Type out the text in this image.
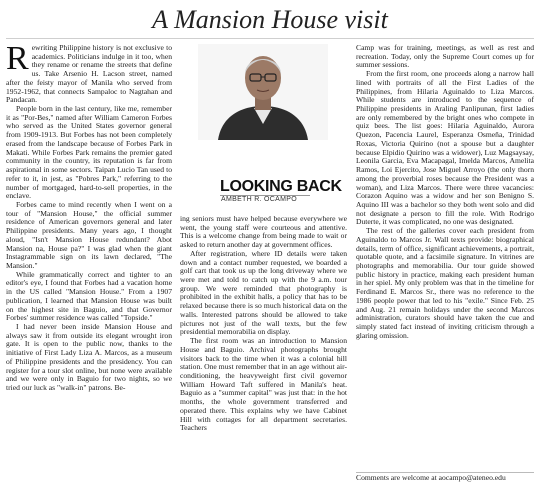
A Mansion House visit

Rewriting Philippine history is not exclusive to academics. Politicians indulge in it too, when they rename or rename the streets that define us. Take Arsenio H. Lacson street, named after the feisty mayor of Manila who served from 1952-1962, that connects Sampaloc to Nagtahan and Pandacan.

People born in the last century, like me, remember it as "Por-Bes," named after William Cameron Forbes who served as the United States governor general from 1909-1913. But Forbes has not been completely erased from the landscape because of Forbes Park in Makati. While Forbes Park remains the premier gated community in the country, its reputation is far from aspirational in some sectors. Taipan Lucio Tan used to refer to it, in jest, as "Pobres Park," referring to the number of mortgaged, hard-to-sell properties, in the enclave.

Forbes came to mind recently when I went on a tour of "Mansion House," the official summer residence of American governors general and later Philippine presidents. Many years ago, I thought aloud, "Isn't Mansion House redundant? Abot Mansion na, House pa?" I was glad when the giant Instagrammable sign on its lawn declared, "The Mansion."

While grammatically correct and tighter to an editor's eye, I found that Forbes had a vacation home in the US called "Mansion House." From a 1907 publication, I learned that Mansion House was built on the highest site in Baguio, and that Governor Forbes' summer residence was called "Topside."

I had never been inside Mansion House and always saw it from outside its elegant wrought iron gate. It is open to the public now, thanks to the initiative of First Lady Liza A. Marcos, as a museum of Philippine presidents and the presidency. You can register for a tour slot online, but none were available and we were only in Baguio for two nights, so we tried our luck as "walk-in" patrons. Be-

LOOKING BACK
AMBETH R. OCAMPO

ing seniors must have helped because everywhere we went, the young staff were courteous and attentive. This is a welcome change from being made to wait or asked to return another day at government offices.

After registration, where ID details were taken down and a contact number requested, we boarded a golf cart that took us up the long driveway where we were met and told to catch up with the 9 a.m. tour group. We were reminded that photography is prohibited in the exhibit halls, a policy that has to be relaxed because there is so much historical data on the walls. Interested patrons should be allowed to take pictures not just of the wall texts, but the few presidential memorabilia on display.

The first room was an introduction to Mansion House and Baguio. Archival photographs brought visitors back to the time when it was a colonial hill station. One must remember that in an age without air-conditioning, the heavyweight first civil governor William Howard Taft suffered in Manila's heat. Baguio as a "summer capital" was just that: in the hot months, the whole government transferred and operated there. This explains why we have Cabinet Hill with cottages for all department secretaries. Teachers

Camp was for training, meetings, as well as rest and recreation. Today, only the Supreme Court comes up for summer sessions.

From the first room, one proceeds along a narrow hall lined with portraits of all the First Ladies of the Philippines, from Hilaria Aguinaldo to Liza Marcos. While students are introduced to the sequence of Philippine presidents in Araling Panlipunan, first ladies are only remembered by the bright ones who compete in quiz bees. The list goes: Hilaria Aguinaldo, Aurora Quezon, Pacencia Laurel, Esperanza Osmeña, Trinidad Roxas, Victoria Quirino (not a spouse but a daughter because Elpidio Quirino was a widower), Luz Magsaysay, Leonila Garcia, Eva Macapagal, Imelda Marcos, Amelita Ramos, Loi Ejercito, Jose Miguel Arroyo (the only thorn among the proverbial roses because the President was a woman), and Liza Marcos. There were three vacancies: Corazon Aquino was a widow and her son Benigno S. Aquino III was a bachelor so they both went solo and did not designate a person to fill the role. With Rodrigo Duterte, it was complicated, no one was designated.

The rest of the galleries cover each president from Aguinaldo to Marcos Jr. Wall texts provide: biographical details, term of office, significant achievements, a portrait, quotable quote, and a facsimile signature. In vitrines are photographs and memorabilia. Our tour guide showed public history in practice, making each president human in her spiel. My only problem was that in the timeline for Ferdinand E. Marcos Sr., there was no reference to the 1986 people power that led to his "exile." Since Feb. 25 and Aug. 21 remain holidays under the second Marcos administration, curators should have taken the cue and simply stated fact instead of inviting criticism through a glaring omission.

Comments are welcome at aocampo@ateneo.edu
